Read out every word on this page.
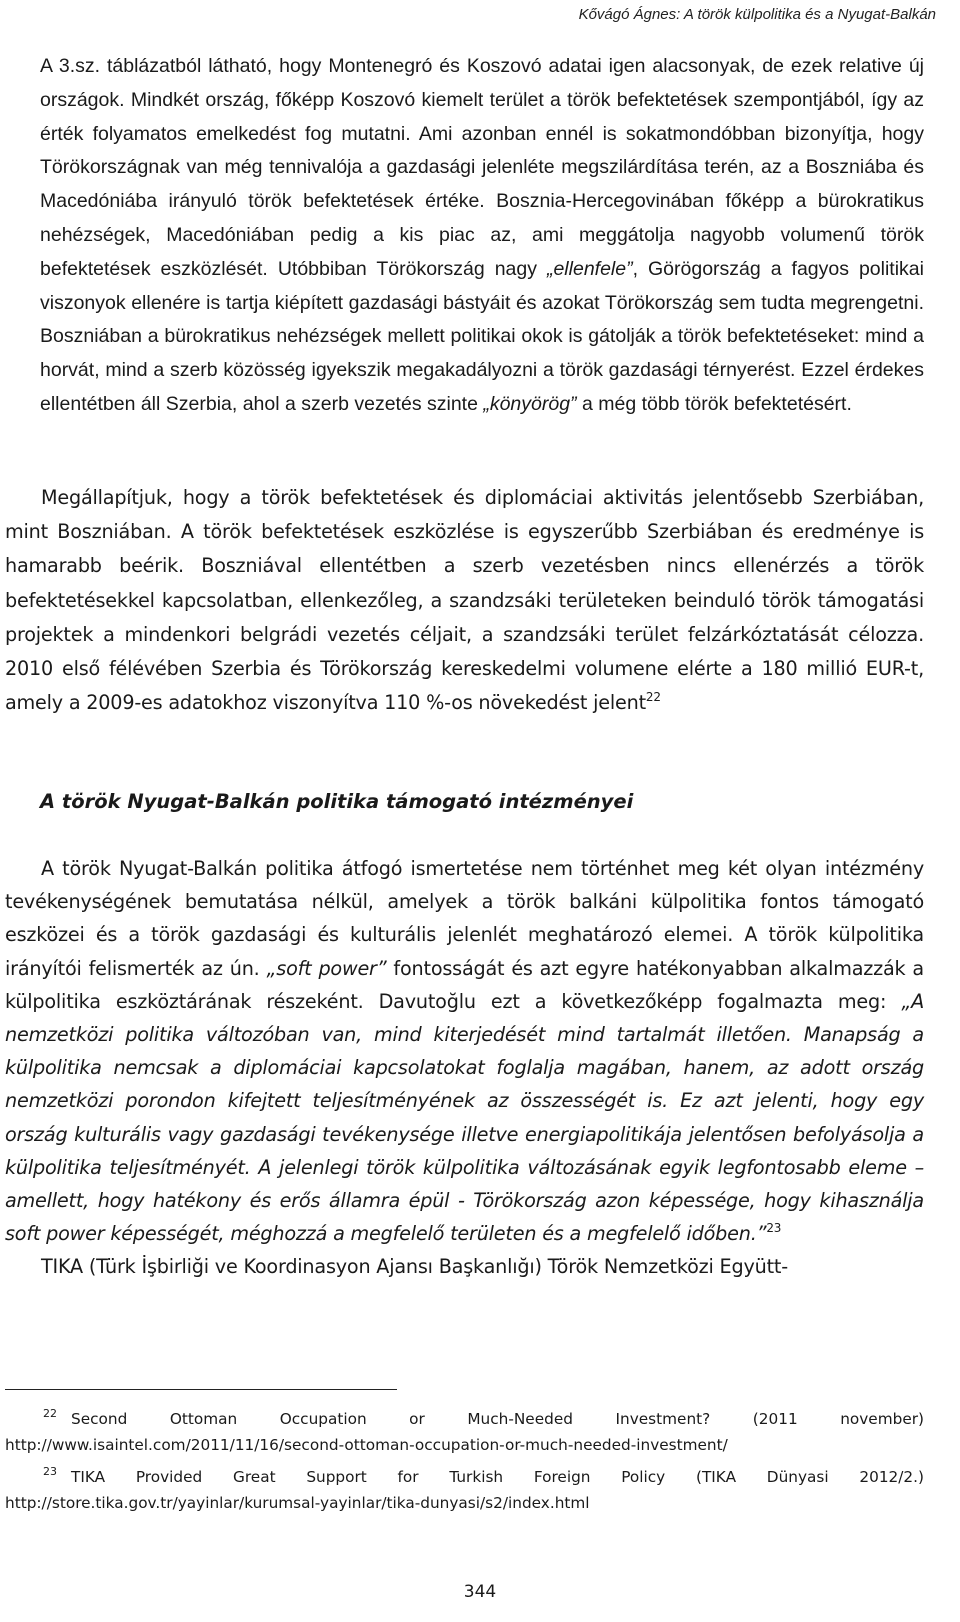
Kővágó Ágnes: A török külpolitika és a Nyugat-Balkán

A 3.sz. táblázatból látható, hogy Montenegró és Koszovó adatai igen alacsonyak, de ezek relative új országok. Mindkét ország, főképp Koszovó kiemelt terület a török befektetések szempontjából, így az érték folyamatos emelkedést fog mutatni. Ami azonban ennél is sokatmondóbban bizonyítja, hogy Törökországnak van még tennivalója a gazdasági jelenléte megszilárdítása terén, az a Boszniába és Macedóniába irányuló török befektetések értéke. Bosznia-Hercegovinában főképp a bürokratikus nehézségek, Macedóniában pedig a kis piac az, ami meggátolja nagyobb volumenű török befektetések eszközlését. Utóbbiban Törökország nagy „ellenfele”, Görögország a fagyos politikai viszonyok ellenére is tartja kiépített gazdasági bástyáit és azokat Törökország sem tudta megrengetni. Boszniában a bürokratikus nehézségek mellett politikai okok is gátolják a török befektetéseket: mind a horvát, mind a szerb közösség igyekszik megakadályozni a török gazdasági térnyerést. Ezzel érdekes ellentétben áll Szerbia, ahol a szerb vezetés szinte „könyörög” a még több török befektetésért.

Megállapítjuk, hogy a török befektetések és diplomáciai aktivitás jelentősebb Szerbiában, mint Boszniában. A török befektetések eszközlése is egyszerűbb Szerbiában és eredménye is hamarabb beérik. Boszniával ellentétben a szerb vezetésben nincs ellenérzés a török befektetésekkel kapcsolatban, ellenkezőleg, a szandzsáki területeken beinduló török támogatási projektek a mindenkori belgrádi vezetés céljait, a szandzsáki terület felzárkóztatását célozza. 2010 első félévében Szerbia és Törökország kereskedelmi volumene elérte a 180 millió EUR-t, amely a 2009-es adatokhoz viszonyítva 110 %-os növekedést jelent$^{22}$

A török Nyugat-Balkán politika támogató intézményei

A török Nyugat-Balkán politika átfogó ismertetése nem történhet meg két olyan intézmény tevékenységének bemutatása nélkül, amelyek a török balkáni külpolitika fontos támogató eszközei és a török gazdasági és kulturális jelenlét meghatározó elemei. A török külpolitika irányítói felismerték az ún. „soft power” fontosságát és azt egyre hatékonyabban alkalmazzák a külpolitika eszköztárának részeként. Davutoğlu ezt a következőképp fogalmazta meg: „A nemzetközi politika változóban van, mind kiterjedését mind tartalmát illetően. Manapság a külpolitika nemcsak a diplomáciai kapcsolatokat foglalja magában, hanem, az adott ország nemzetközi porondon kifejtett teljesítményének az összességét is. Ez azt jelenti, hogy egy ország kulturális vagy gazdasági tevékenysége illetve energiapolitikája jelentősen befolyásolja a külpolitika teljesítményét. A jelenlegi török külpolitika változásának egyik legfontosabb eleme – amellett, hogy hatékony és erős államra épül - Törökország azon képessége, hogy kihasználja soft power képességét, méghozzá a megfelelő területen és a megfelelő időben.”$^{23}$
TIKA (Türk İşbirliği ve Koordinasyon Ajansı Başkanlığı) Török Nemzetközi Együtt-

$^{22}$ Second Ottoman Occupation or Much-Needed Investment? (2011 november) http://www.isaintel.com/2011/11/16/second-ottoman-occupation-or-much-needed-investment/

$^{23}$ TIKA Provided Great Support for Turkish Foreign Policy (TIKA Dünyasi 2012/2.) http://store.tika.gov.tr/yayinlar/kurumsal-yayinlar/tika-dunyasi/s2/index.html

344
